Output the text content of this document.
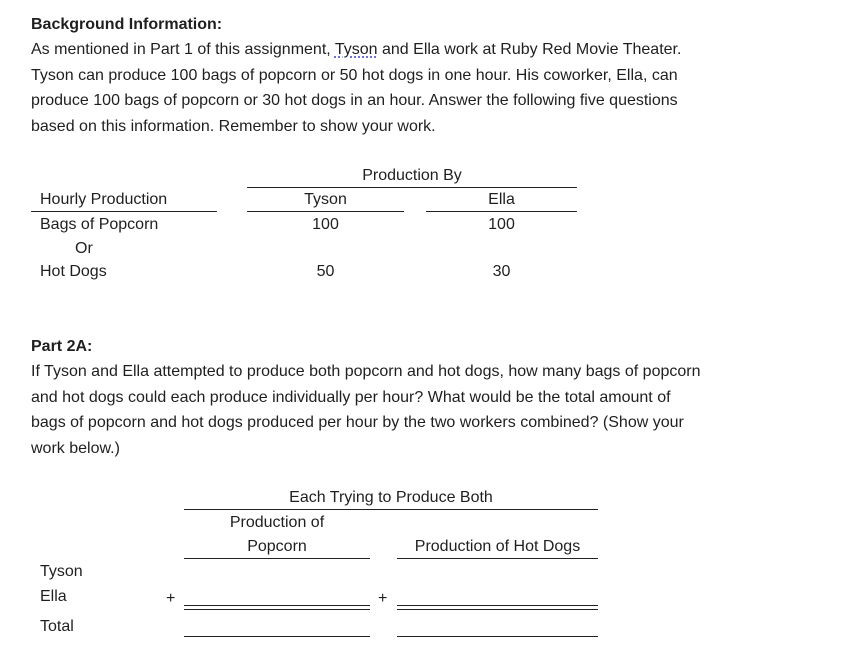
Background Information:
As mentioned in Part 1 of this assignment, Tyson and Ella work at Ruby Red Movie Theater.
Tyson can produce 100 bags of popcorn or 50 hot dogs in one hour. His coworker, Ella, can
produce 100 bags of popcorn or 30 hot dogs in an hour. Answer the following five questions
based on this information. Remember to show your work.
Production By
Hourly Production	Tyson	Ella
Bags of Popcorn	100	100
Or
Hot Dogs	50	30
Part 2A:
If Tyson and Ella attempted to produce both popcorn and hot dogs, how many bags of popcorn
and hot dogs could each produce individually per hour? What would be the total amount of
bags of popcorn and hot dogs produced per hour by the two workers combined? (Show your
work below.)
Each Trying to Produce Both
Production of
Popcorn	Production of Hot Dogs
Tyson
Ella	+	+
Total
